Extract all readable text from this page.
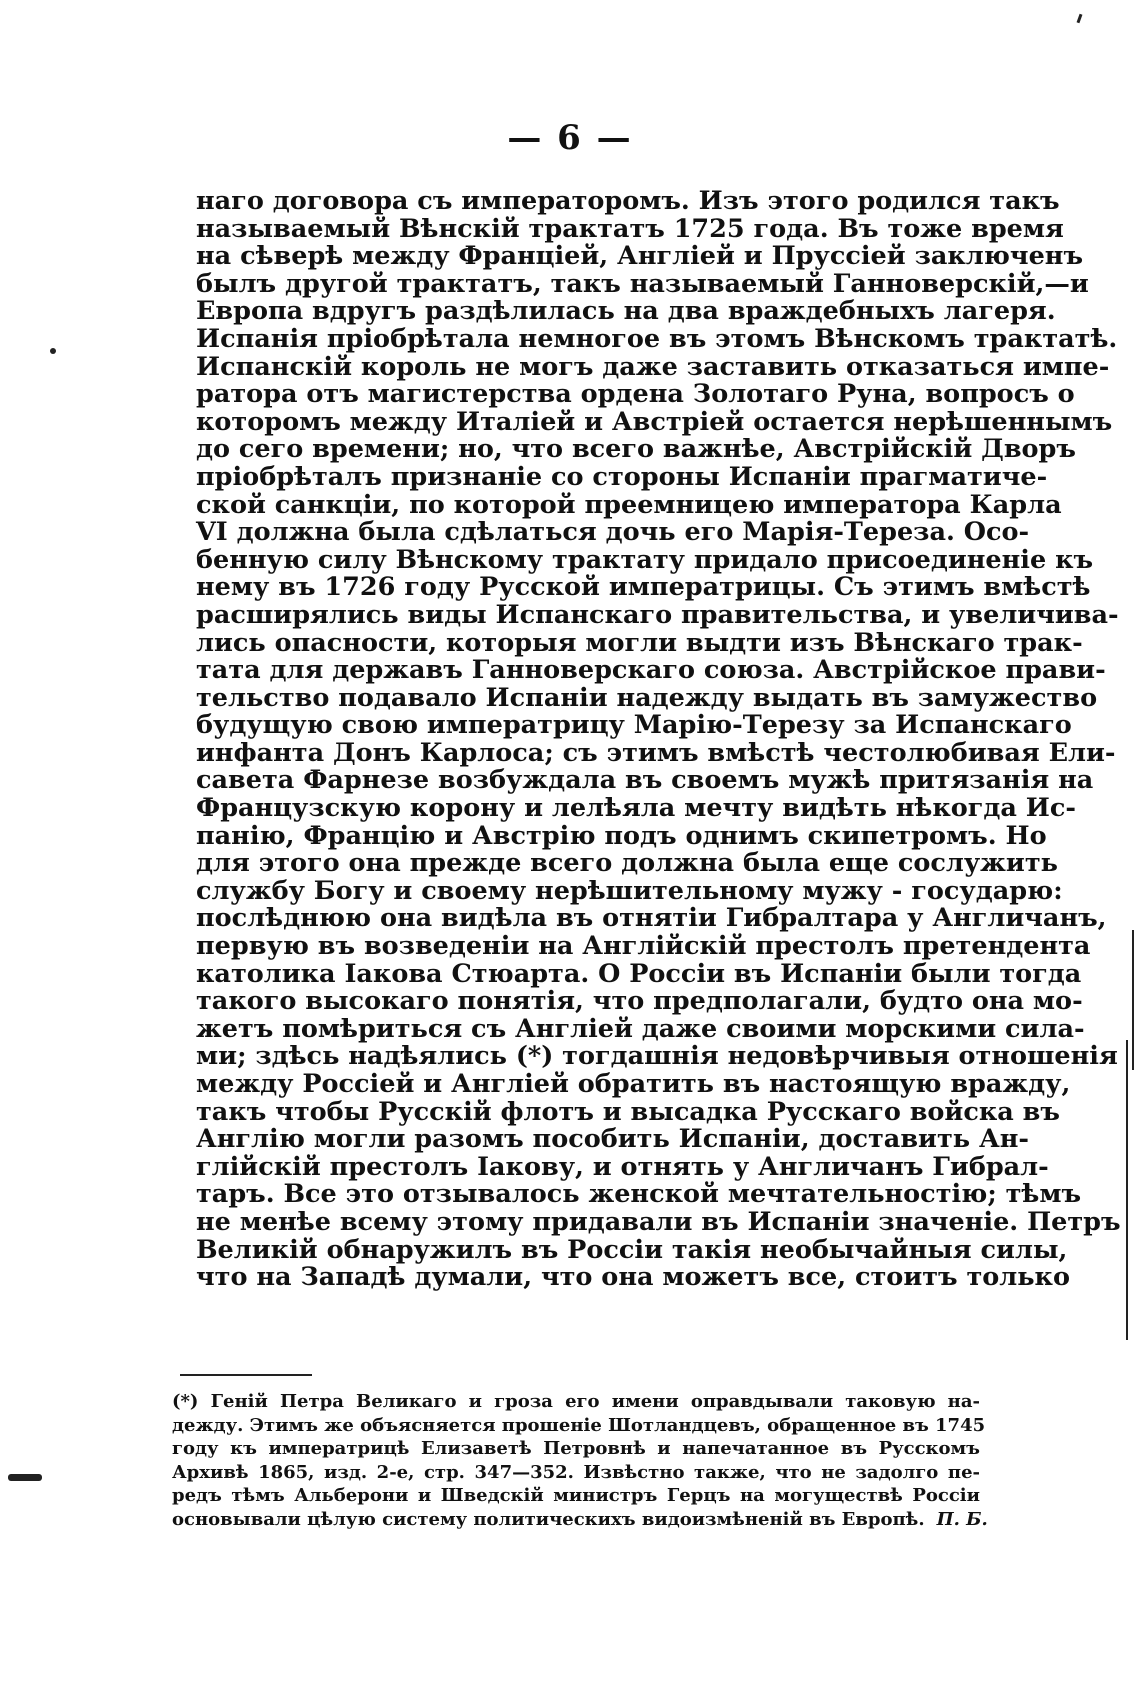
— 6 —
наго договора съ императоромъ. Изъ этого родился такъ
называемый Вѣнскій трактатъ 1725 года. Въ тоже время
на сѣверѣ между Франціей, Англіей и Пруссіей заключенъ
былъ другой трактатъ, такъ называемый Ганноверскій,—и
Европа вдругъ раздѣлилась на два враждебныхъ лагеря.
Испанія пріобрѣтала немногое въ этомъ Вѣнскомъ трактатѣ.
Испанскій король не могъ даже заставить отказаться импе-
ратора отъ магистерства ордена Золотаго Руна, вопросъ о
которомъ между Италіей и Австріей остается нерѣшеннымъ
до сего времени; но, что всего важнѣе, Австрійскій Дворъ
пріобрѣталъ признаніе со стороны Испаніи прагматиче-
ской санкціи, по которой преемницею императора Карла
VI должна была сдѣлаться дочь его Марія-Тереза. Осо-
бенную силу Вѣнскому трактату придало присоединеніе къ
нему въ 1726 году Русской императрицы. Съ этимъ вмѣстѣ
расширялись виды Испанскаго правительства, и увеличива-
лись опасности, которыя могли выдти изъ Вѣнскаго трак-
тата для державъ Ганноверскаго союза. Австрійское прави-
тельство подавало Испаніи надежду выдать въ замужество
будущую свою императрицу Марію-Терезу за Испанскаго
инфанта Донъ Карлоса; съ этимъ вмѣстѣ честолюбивая Ели-
савета Фарнезе возбуждала въ своемъ мужѣ притязанія на
Французскую корону и лелѣяла мечту видѣть нѣкогда Ис-
панію, Францію и Австрію подъ однимъ скипетромъ. Но
для этого она прежде всего должна была еще сослужить
службу Богу и своему нерѣшительному мужу - государю:
послѣднюю она видѣла въ отнятіи Гибралтара у Англичанъ,
первую въ возведеніи на Англійскій престолъ претендента
католика Іакова Стюарта. О Россіи въ Испаніи были тогда
такого высокаго понятія, что предполагали, будто она мо-
жетъ помѣриться съ Англіей даже своими морскими силa-
ми; здѣсь надѣялись (*) тогдашнія недовѣрчивыя отношенія
между Россіей и Англіей обратить въ настоящую вражду,
такъ чтобы Русскій флотъ и высадка Русскаго войска въ
Англію могли разомъ пособить Испаніи, доставить Ан-
глійскій престолъ Іакову, и отнять у Англичанъ Гибрал-
таръ. Все это отзывалось женской мечтательностію; тѣмъ
не менѣе всему этому придавали въ Испаніи значеніе. Петръ
Великій обнаружилъ въ Россіи такія необычайныя силы,
что на Западѣ думали, что она можетъ все, стоитъ только
(*) Геній Петра Великаго и гроза его имени оправдывали таковую на-
дежду. Этимъ же объясняется прошеніе Шотландцевъ, обращенное въ 1745
году къ императрицѣ Елизаветѣ Петровнѣ и напечатанное въ Русскомъ
Архивѣ 1865, изд. 2-е, стр. 347—352. Извѣстно также, что не задолго пе-
редъ тѣмъ Альберони и Шведскій министръ Герцъ на могуществѣ Россіи
основывали цѣлую систему политическихъ видоизмѣненій въ Европѣ. П. Б.
